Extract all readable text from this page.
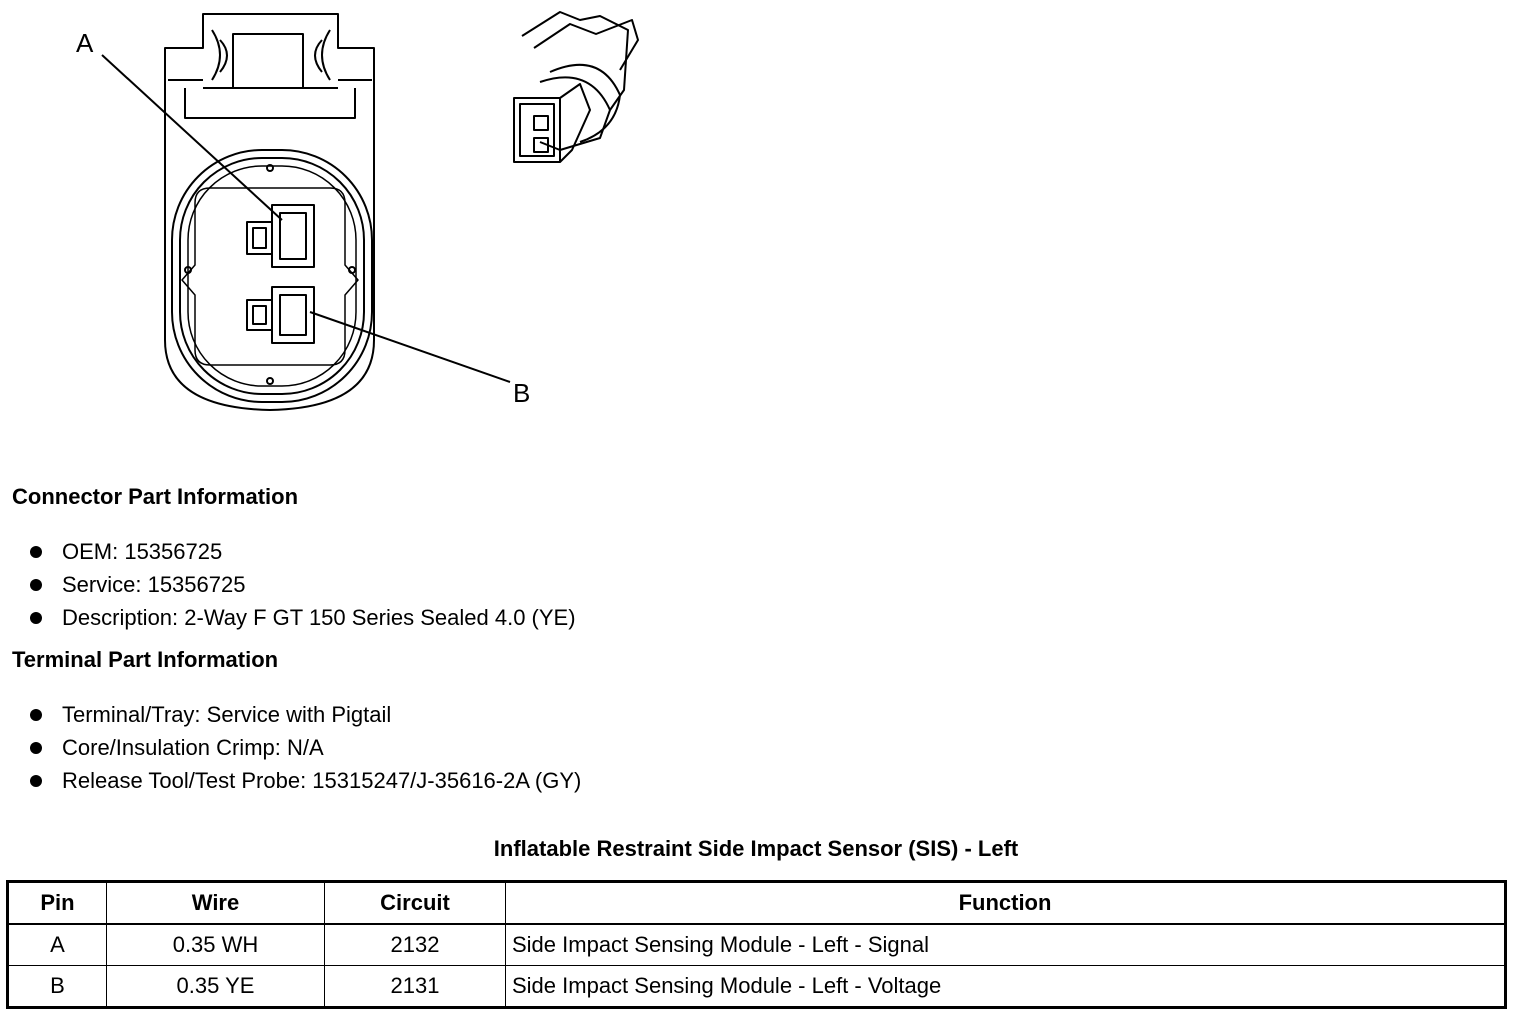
A
B
Connector Part Information
OEM: 15356725
Service: 15356725
Description: 2-Way F GT 150 Series Sealed 4.0 (YE)
Terminal Part Information
Terminal/Tray: Service with Pigtail
Core/Insulation Crimp: N/A
Release Tool/Test Probe: 15315247/J-35616-2A (GY)
Inflatable Restraint Side Impact Sensor (SIS) - Left
Pin	Wire	Circuit	Function
A	0.35 WH	2132	Side Impact Sensing Module - Left - Signal
B	0.35 YE	2131	Side Impact Sensing Module - Left - Voltage
